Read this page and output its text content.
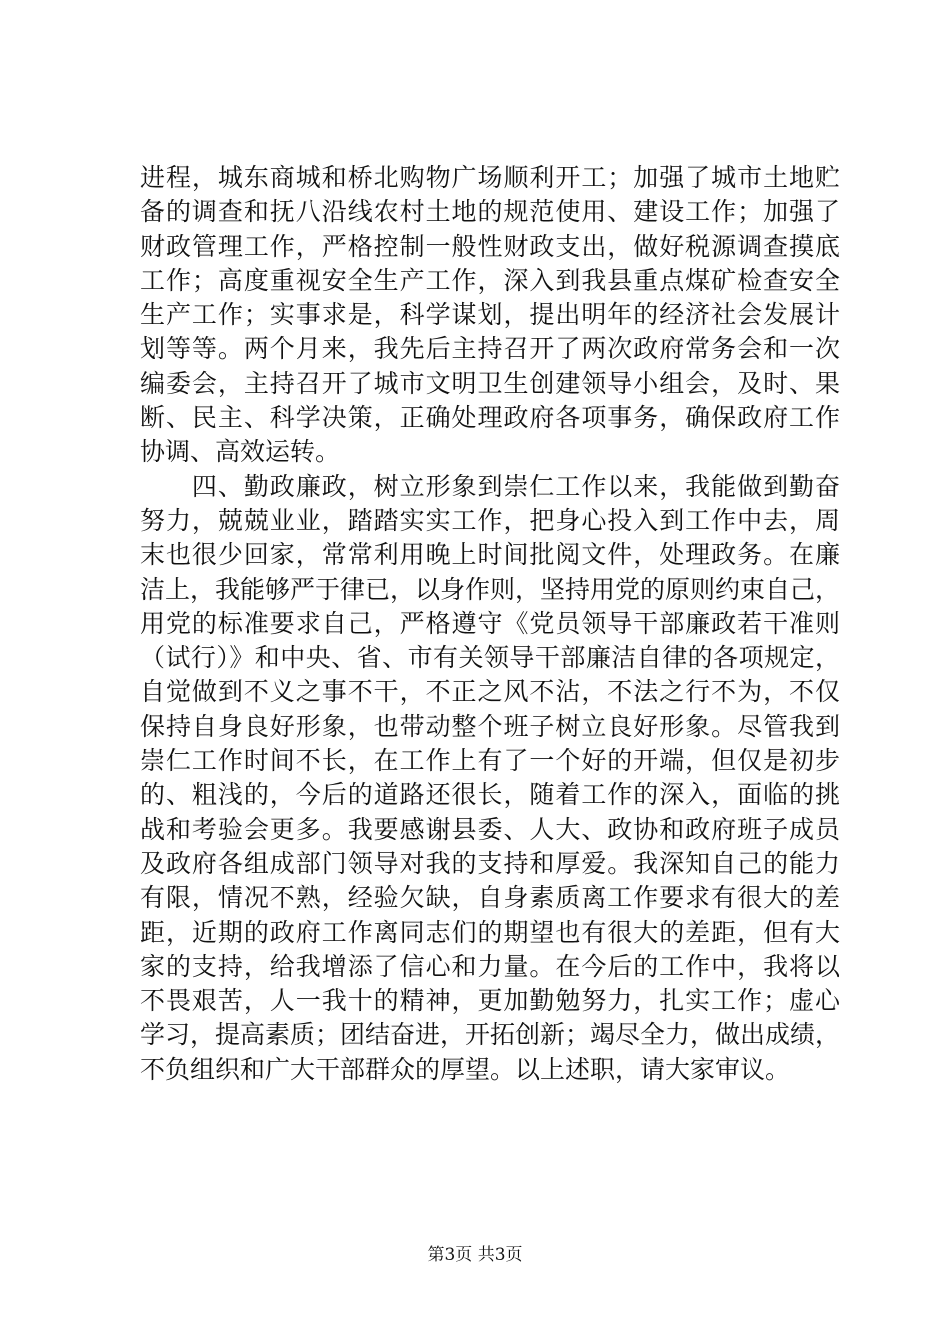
进程，城东商城和桥北购物广场顺利开工；加强了城市土地贮
备的调查和抚八沿线农村土地的规范使用、建设工作；加强了
财政管理工作，严格控制一般性财政支出，做好税源调查摸底
工作；高度重视安全生产工作，深入到我县重点煤矿检查安全
生产工作；实事求是，科学谋划，提出明年的经济社会发展计
划等等。两个月来，我先后主持召开了两次政府常务会和一次
编委会，主持召开了城市文明卫生创建领导小组会，及时、果
断、民主、科学决策，正确处理政府各项事务，确保政府工作
协调、高效运转。
　　四、勤政廉政，树立形象到崇仁工作以来，我能做到勤奋
努力，兢兢业业，踏踏实实工作，把身心投入到工作中去，周
末也很少回家，常常利用晚上时间批阅文件，处理政务。在廉
洁上，我能够严于律已，以身作则，坚持用党的原则约束自己，
用党的标准要求自己，严格遵守《党员领导干部廉政若干准则
（试行）》和中央、省、市有关领导干部廉洁自律的各项规定，
自觉做到不义之事不干，不正之风不沾，不法之行不为，不仅
保持自身良好形象，也带动整个班子树立良好形象。尽管我到
崇仁工作时间不长，在工作上有了一个好的开端，但仅是初步
的、粗浅的，今后的道路还很长，随着工作的深入，面临的挑
战和考验会更多。我要感谢县委、人大、政协和政府班子成员
及政府各组成部门领导对我的支持和厚爱。我深知自己的能力
有限，情况不熟，经验欠缺，自身素质离工作要求有很大的差
距，近期的政府工作离同志们的期望也有很大的差距，但有大
家的支持，给我增添了信心和力量。在今后的工作中，我将以
不畏艰苦，人一我十的精神，更加勤勉努力，扎实工作；虚心
学习，提高素质；团结奋进，开拓创新；竭尽全力，做出成绩，
不负组织和广大干部群众的厚望。以上述职，请大家审议。
第3页 共3页
